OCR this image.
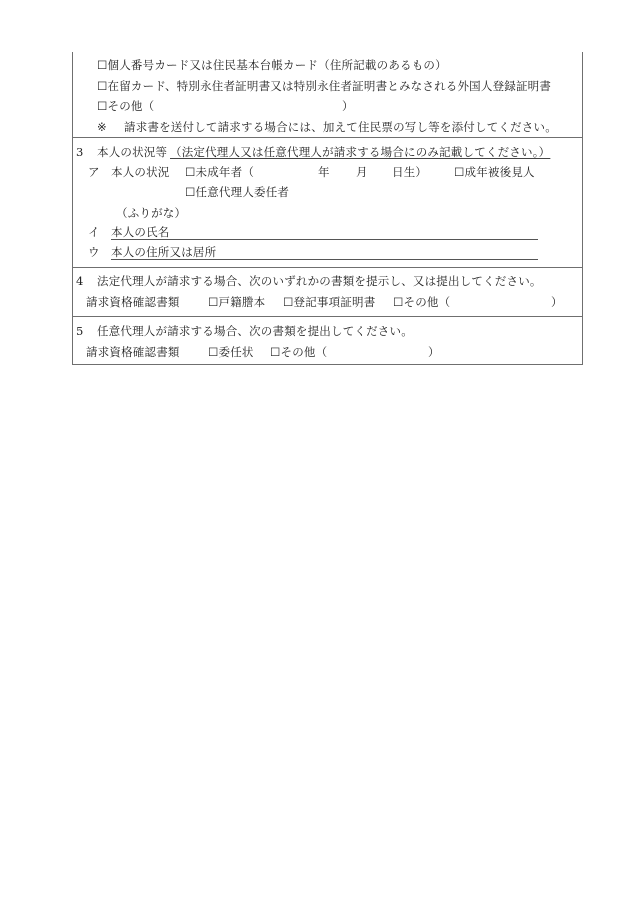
☐個人番号カード又は住民基本台帳カード（住所記載のあるもの）
☐在留カード、特別永住者証明書又は特別永住者証明書とみなされる外国人登録証明書
☐その他（	）
※ 請求書を送付して請求する場合には、加えて住民票の写し等を添付してください。
3 本人の状況等 （法定代理人又は任意代理人が請求する場合にのみ記載してください。）
ア 本人の状況 ☐未成年者（	年 月 日生） ☐成年被後見人
☐任意代理人委任者
（ふりがな）
イ 本人の氏名
ウ 本人の住所又は居所
4 法定代理人が請求する場合、次のいずれかの書類を提示し、又は提出してください。
請求資格確認書類 ☐戸籍謄本 ☐登記事項証明書 ☐その他（	）
5 任意代理人が請求する場合、次の書類を提出してください。
請求資格確認書類 ☐委任状 ☐その他（	）
